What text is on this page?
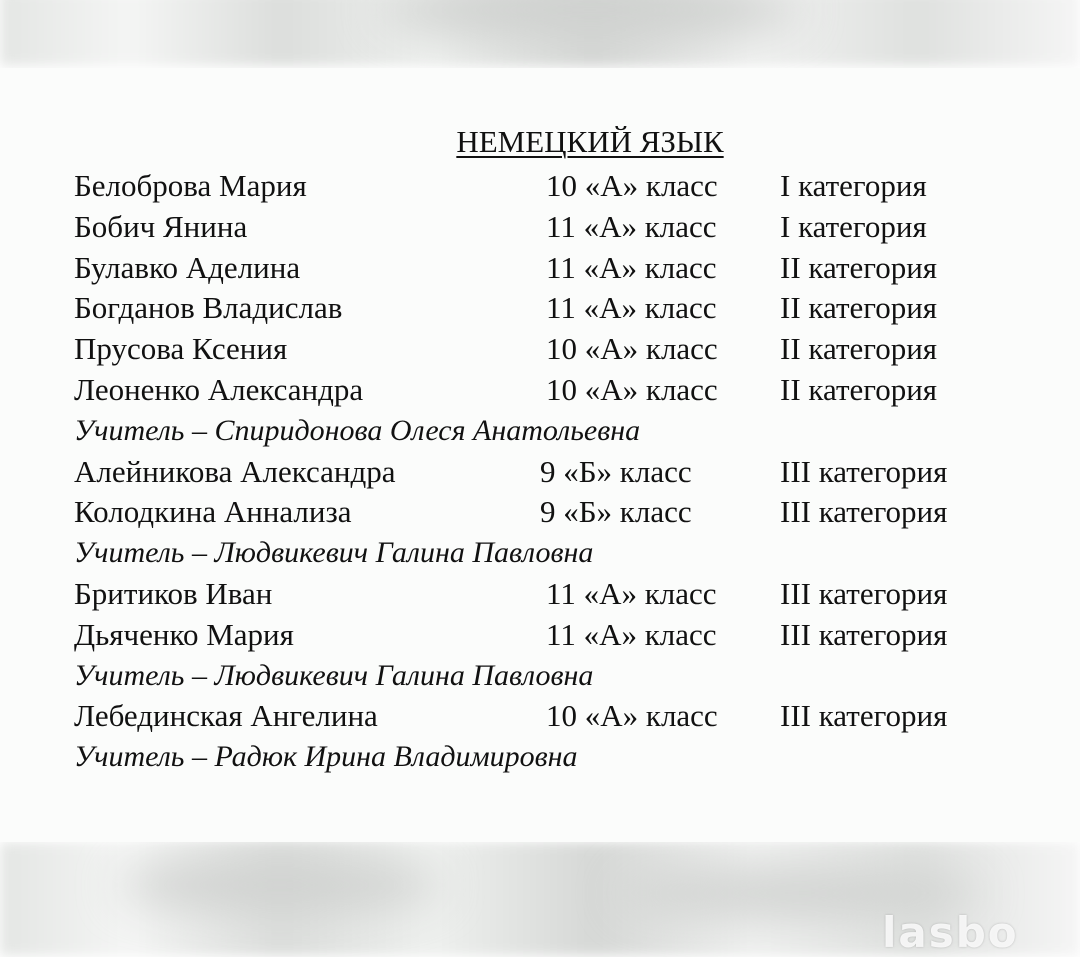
НЕМЕЦКИЙ ЯЗЫК
Белоброва Мария	10 «А» класс I категория
Бобич Янина	11 «А» класс I категория
Булавко Аделина	11 «А» класс II категория
Богданов Владислав	11 «А» класс II категория
Прусова Ксения	10 «А» класс II категория
Леоненко Александра	10 «А» класс II категория
Учитель – Спиридонова Олеся Анатольевна
Алейникова Александра	9 «Б» класс	III категория
Колодкина Аннализа	9 «Б» класс	III категория
Учитель – Людвикевич Галина Павловна
Бритиков Иван	11 «А» класс III категория
Дьяченко Мария	11 «А» класс III категория
Учитель – Людвикевич Галина Павловна
Лебединская Ангелина	10 «А» класс III категория
Учитель – Радюк Ирина Владимировна
lasbo
